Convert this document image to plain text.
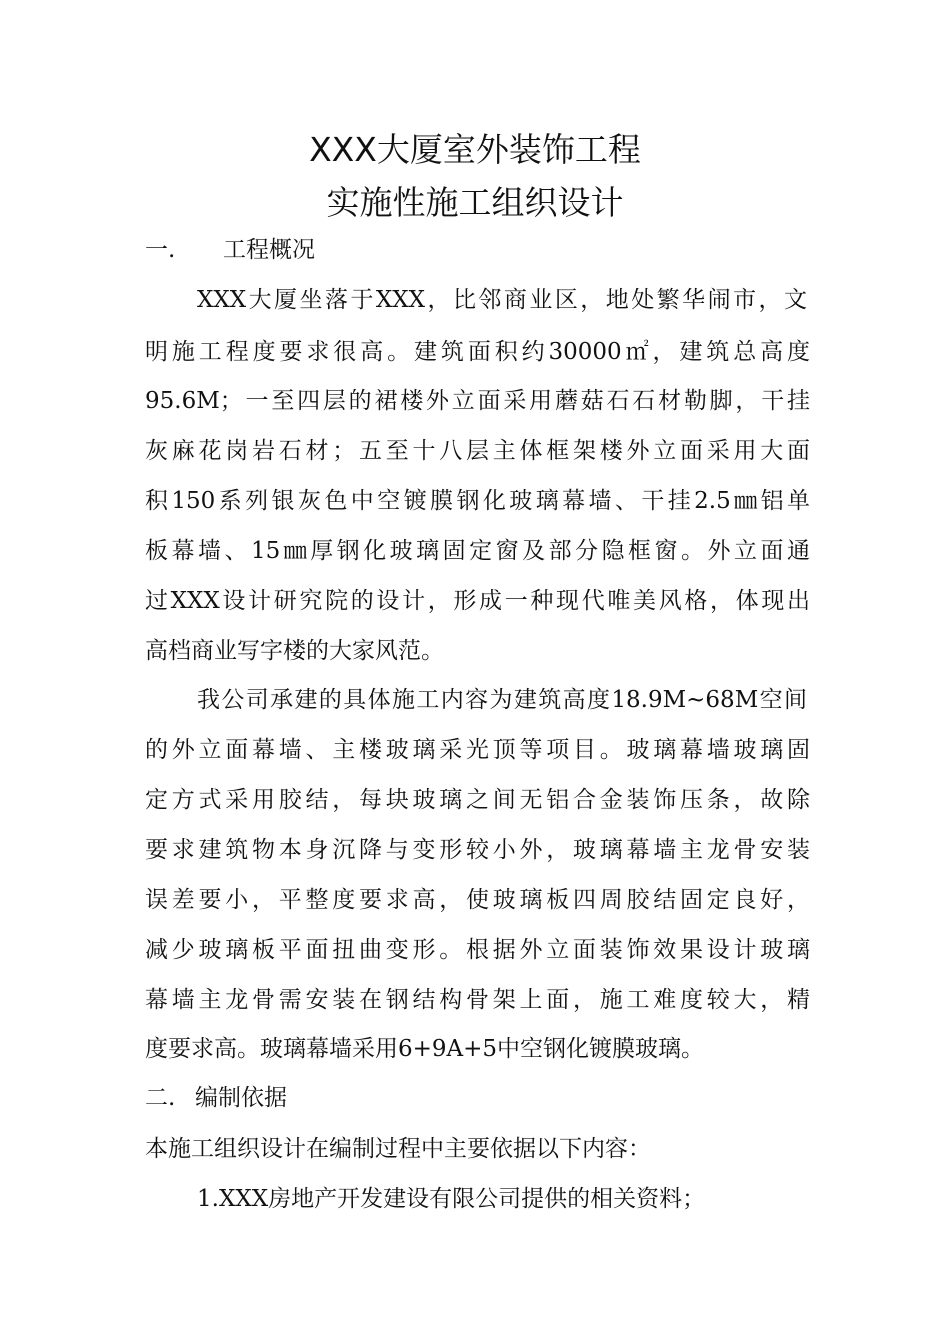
XXX大厦室外装饰工程
实施性施工组织设计
一. 工程概况
XXX大厦坐落于XXX，比邻商业区，地处繁华闹市，文
明施工程度要求很高。建筑面积约30000㎡，建筑总高度
95.6M；一至四层的裙楼外立面采用蘑菇石石材勒脚，干挂
灰麻花岗岩石材；五至十八层主体框架楼外立面采用大面
积150系列银灰色中空镀膜钢化玻璃幕墙、干挂2.5㎜铝单
板幕墙、15㎜厚钢化玻璃固定窗及部分隐框窗。外立面通
过XXX设计研究院的设计，形成一种现代唯美风格，体现出
高档商业写字楼的大家风范。
我公司承建的具体施工内容为建筑高度18.9M~68M空间
的外立面幕墙、主楼玻璃采光顶等项目。玻璃幕墙玻璃固
定方式采用胶结，每块玻璃之间无铝合金装饰压条，故除
要求建筑物本身沉降与变形较小外，玻璃幕墙主龙骨安装
误差要小，平整度要求高，使玻璃板四周胶结固定良好，
减少玻璃板平面扭曲变形。根据外立面装饰效果设计玻璃
幕墙主龙骨需安装在钢结构骨架上面，施工难度较大，精
度要求高。玻璃幕墙采用6+9A+5中空钢化镀膜玻璃。
二. 编制依据
本施工组织设计在编制过程中主要依据以下内容：
1.XXX房地产开发建设有限公司提供的相关资料；
